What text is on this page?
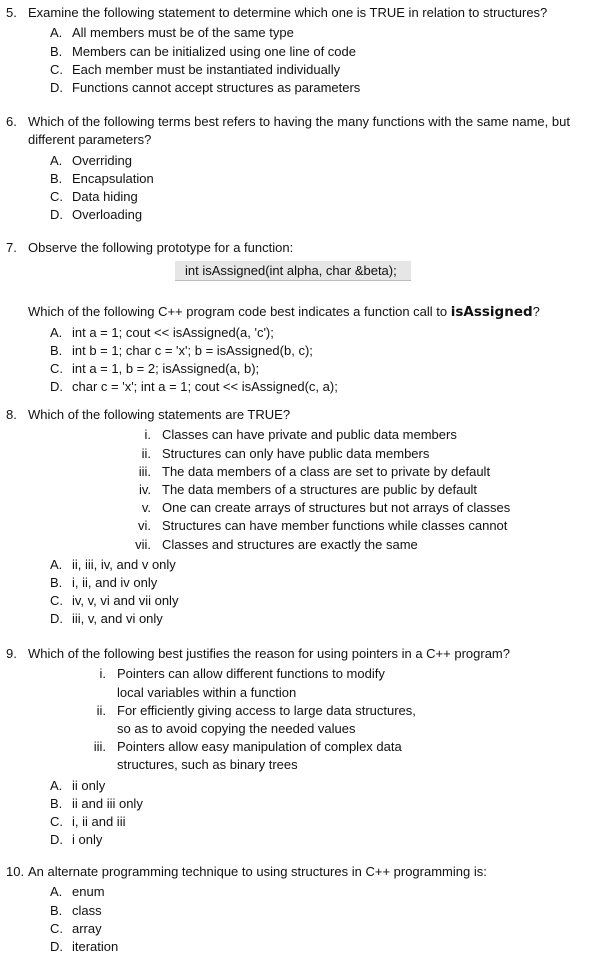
5. Examine the following statement to determine which one is TRUE in relation to structures?
A. All members must be of the same type
B. Members can be initialized using one line of code
C. Each member must be instantiated individually
D. Functions cannot accept structures as parameters
6. Which of the following terms best refers to having the many functions with the same name, but different parameters?
A. Overriding
B. Encapsulation
C. Data hiding
D. Overloading
7. Observe the following prototype for a function:
int isAssigned(int alpha, char &beta);
Which of the following C++ program code best indicates a function call to isAssigned?
A. int a = 1; cout << isAssigned(a, 'c');
B. int b = 1; char c = 'x'; b = isAssigned(b, c);
C. int a = 1, b = 2; isAssigned(a, b);
D. char c = 'x'; int a = 1; cout << isAssigned(c, a);
8. Which of the following statements are TRUE?
i. Classes can have private and public data members
ii. Structures can only have public data members
iii. The data members of a class are set to private by default
iv. The data members of a structures are public by default
v. One can create arrays of structures but not arrays of classes
vi. Structures can have member functions while classes cannot
vii. Classes and structures are exactly the same
A. ii, iii, iv, and v only
B. i, ii, and iv only
C. iv, v, vi and vii only
D. iii, v, and vi only
9. Which of the following best justifies the reason for using pointers in a C++ program?
i. Pointers can allow different functions to modify
local variables within a function
ii. For efficiently giving access to large data structures,
so as to avoid copying the needed values
iii. Pointers allow easy manipulation of complex data
structures, such as binary trees
A. ii only
B. ii and iii only
C. i, ii and iii
D. i only
10. An alternate programming technique to using structures in C++ programming is:
A. enum
B. class
C. array
D. iteration
